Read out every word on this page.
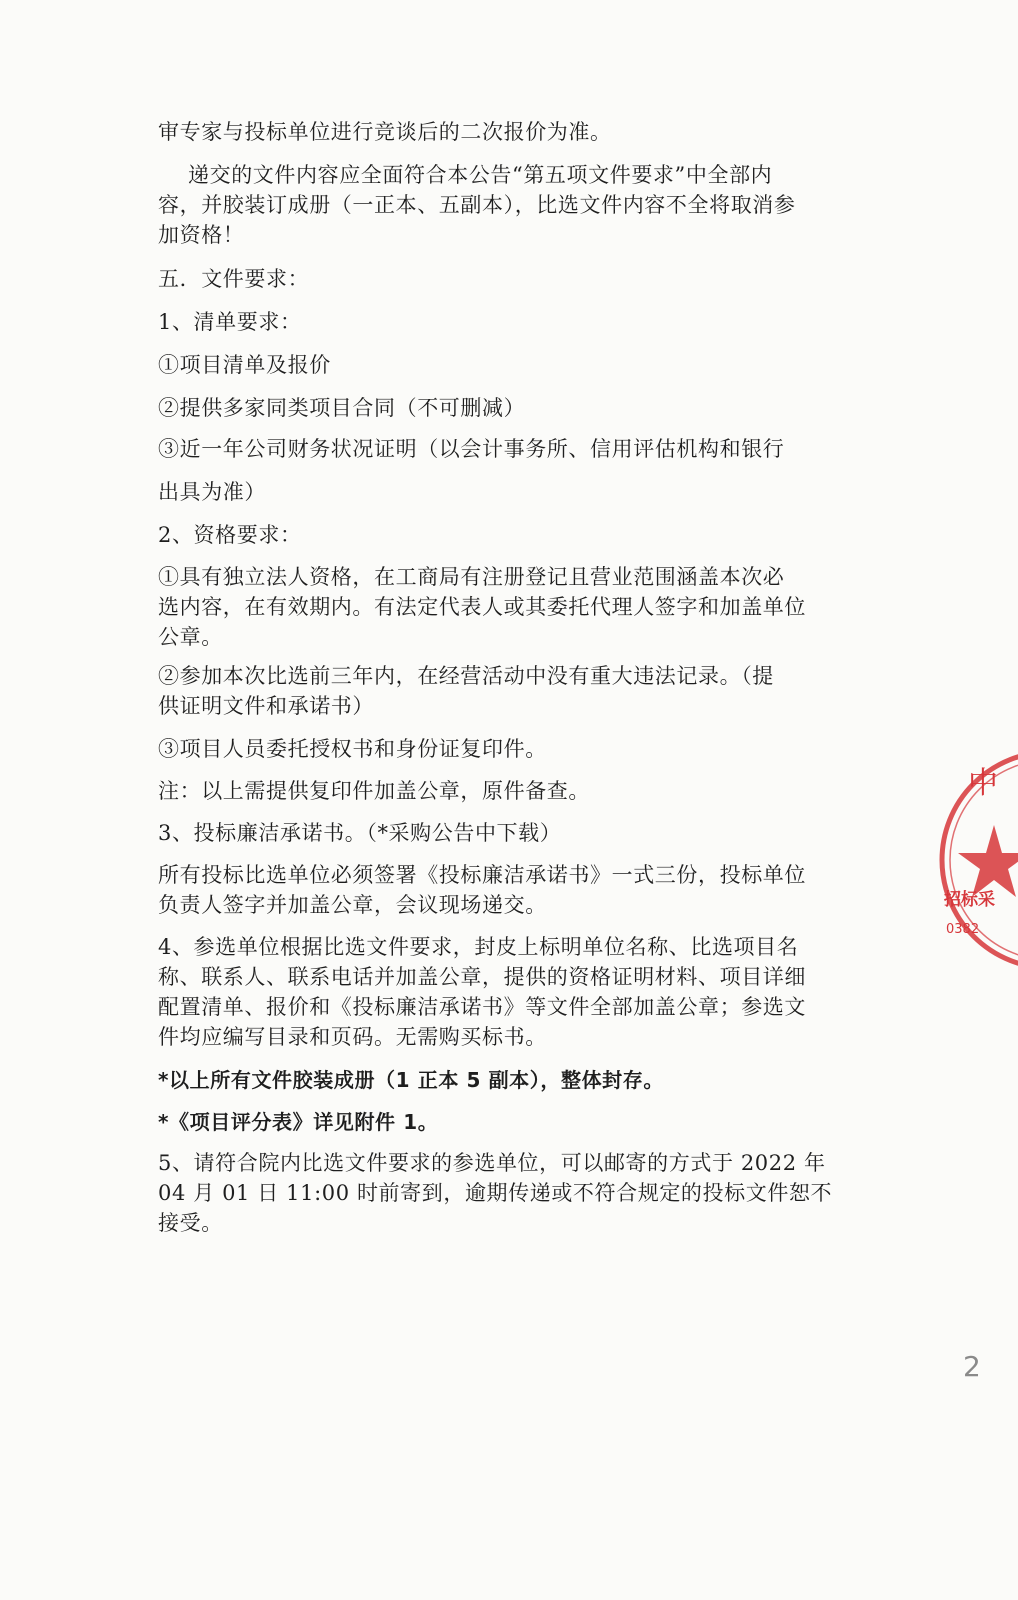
审专家与投标单位进行竞谈后的二次报价为准。
递交的文件内容应全面符合本公告“第五项文件要求”中全部内
容，并胶装订成册（一正本、五副本），比选文件内容不全将取消参
加资格！
五．文件要求：
1、清单要求：
①项目清单及报价
②提供多家同类项目合同（不可删减）
③近一年公司财务状况证明（以会计事务所、信用评估机构和银行
出具为准）
2、资格要求：
①具有独立法人资格，在工商局有注册登记且营业范围涵盖本次必
选内容，在有效期内。有法定代表人或其委托代理人签字和加盖单位
公章。
②参加本次比选前三年内，在经营活动中没有重大违法记录。（提
供证明文件和承诺书）
③项目人员委托授权书和身份证复印件。
注：以上需提供复印件加盖公章，原件备查。
3、投标廉洁承诺书。（*采购公告中下载）
所有投标比选单位必须签署《投标廉洁承诺书》一式三份，投标单位
负责人签字并加盖公章，会议现场递交。
4、参选单位根据比选文件要求，封皮上标明单位名称、比选项目名
称、联系人、联系电话并加盖公章，提供的资格证明材料、项目详细
配置清单、报价和《投标廉洁承诺书》等文件全部加盖公章；参选文
件均应编写目录和页码。无需购买标书。
*以上所有文件胶装成册（1 正本 5 副本），整体封存。
*《项目评分表》详见附件 1。
5、请符合院内比选文件要求的参选单位，可以邮寄的方式于 2022 年
04 月 01 日 11:00 时前寄到，逾期传递或不符合规定的投标文件恕不
接受。
中
招标采
0382
2
